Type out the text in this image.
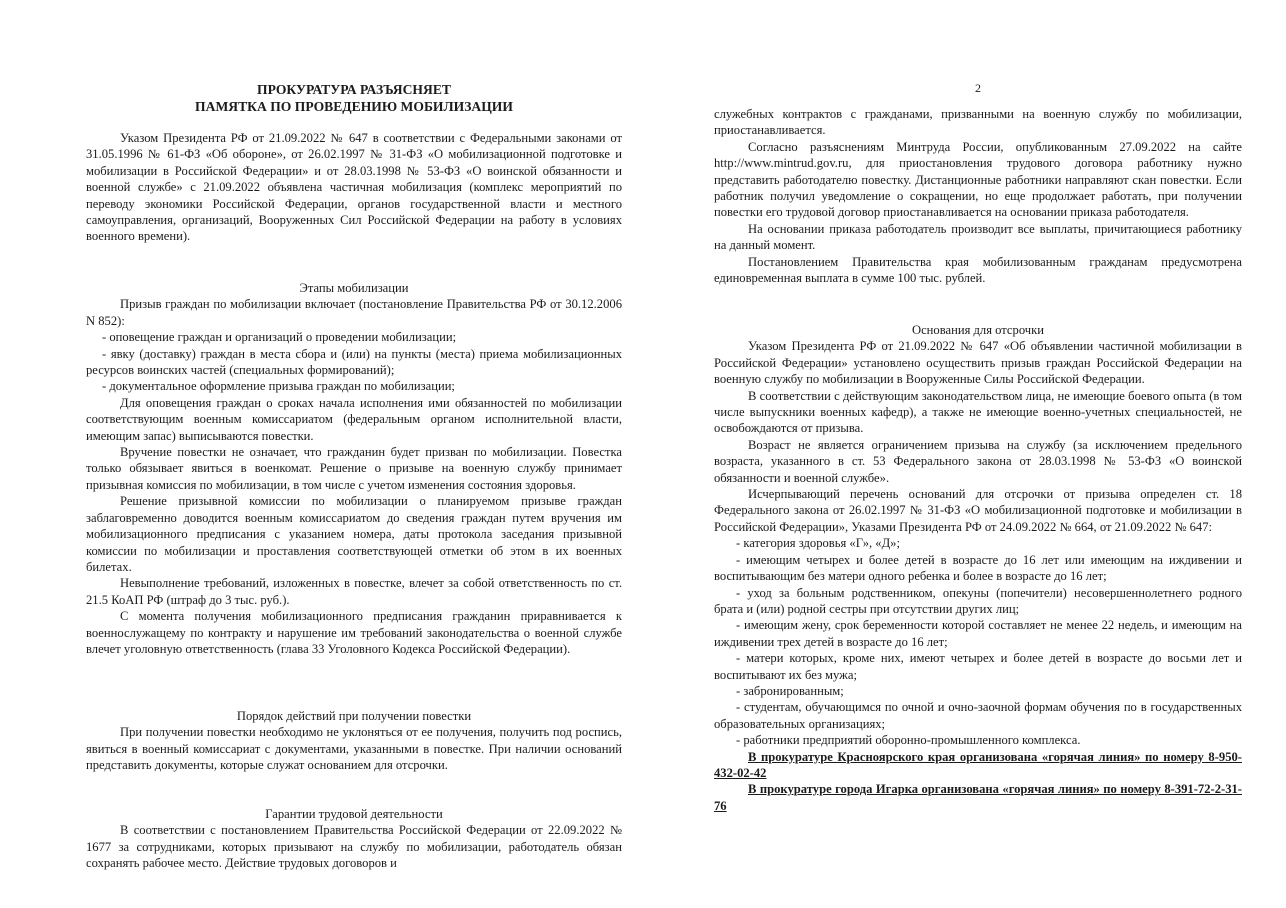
ПРОКУРАТУРА РАЗЪЯСНЯЕТ
ПАМЯТКА ПО ПРОВЕДЕНИЮ МОБИЛИЗАЦИИ

Указом Президента РФ от 21.09.2022 № 647 в соответствии с Федеральными законами от 31.05.1996 № 61-ФЗ «Об обороне», от 26.02.1997 № 31-ФЗ «О мобилизационной подготовке и мобилизации в Российской Федерации» и от 28.03.1998 № 53-ФЗ «О воинской обязанности и военной службе» с 21.09.2022 объявлена частичная мобилизация (комплекс мероприятий по переводу экономики Российской Федерации, органов государственной власти и местного самоуправления, организаций, Вооруженных Сил Российской Федерации на работу в условиях военного времени).

Этапы мобилизации

Призыв граждан по мобилизации включает (постановление Правительства РФ от 30.12.2006 N 852):

- оповещение граждан и организаций о проведении мобилизации;

- явку (доставку) граждан в места сбора и (или) на пункты (места) приема мобилизационных ресурсов воинских частей (специальных формирований);

- документальное оформление призыва граждан по мобилизации;

Для оповещения граждан о сроках начала исполнения ими обязанностей по мобилизации соответствующим военным комиссариатом (федеральным органом исполнительной власти, имеющим запас) выписываются повестки.

Вручение повестки не означает, что гражданин будет призван по мобилизации. Повестка только обязывает явиться в военкомат. Решение о призыве на военную службу принимает призывная комиссия по мобилизации, в том числе с учетом изменения состояния здоровья.

Решение призывной комиссии по мобилизации о планируемом призыве граждан заблаговременно доводится военным комиссариатом до сведения граждан путем вручения им мобилизационного предписания с указанием номера, даты протокола заседания призывной комиссии по мобилизации и проставления соответствующей отметки об этом в их военных билетах.

Невыполнение требований, изложенных в повестке, влечет за собой ответственность по ст. 21.5 КоАП РФ (штраф до 3 тыс. руб.).

С момента получения мобилизационного предписания гражданин приравнивается к военнослужащему по контракту и нарушение им требований законодательства о военной службе влечет уголовную ответственность (глава 33 Уголовного Кодекса Российской Федерации).

Порядок действий при получении повестки

При получении повестки необходимо не уклоняться от ее получения, получить под роспись, явиться в военный комиссариат с документами, указанными в повестке. При наличии оснований представить документы, которые служат основанием для отсрочки.

Гарантии трудовой деятельности

В соответствии с постановлением Правительства Российской Федерации от 22.09.2022 № 1677 за сотрудниками, которых призывают на службу по мобилизации, работодатель обязан сохранять рабочее место. Действие трудовых договоров и

2

служебных контрактов с гражданами, призванными на военную службу по мобилизации, приостанавливается.

Согласно разъяснениям Минтруда России, опубликованным 27.09.2022 на сайте http://www.mintrud.gov.ru, для приостановления трудового договора работнику нужно представить работодателю повестку. Дистанционные работники направляют скан повестки. Если работник получил уведомление о сокращении, но еще продолжает работать, при получении повестки его трудовой договор приостанавливается на основании приказа работодателя.

На основании приказа работодатель производит все выплаты, причитающиеся работнику на данный момент.

Постановлением Правительства края мобилизованным гражданам предусмотрена единовременная выплата в сумме 100 тыс. рублей.

Основания для отсрочки

Указом Президента РФ от 21.09.2022 № 647 «Об объявлении частичной мобилизации в Российской Федерации» установлено осуществить призыв граждан Российской Федерации на военную службу по мобилизации в Вооруженные Силы Российской Федерации.

В соответствии с действующим законодательством лица, не имеющие боевого опыта (в том числе выпускники военных кафедр), а также не имеющие военно-учетных специальностей, не освобождаются от призыва.

Возраст не является ограничением призыва на службу (за исключением предельного возраста, указанного в ст. 53 Федерального закона от 28.03.1998 № 53-ФЗ «О воинской обязанности и военной службе».

Исчерпывающий перечень оснований для отсрочки от призыва определен ст. 18 Федерального закона от 26.02.1997 № 31-ФЗ «О мобилизационной подготовке и мобилизации в Российской Федерации», Указами Президента РФ от 24.09.2022 № 664, от 21.09.2022 № 647:

- категория здоровья «Г», «Д»;

- имеющим четырех и более детей в возрасте до 16 лет или имеющим на иждивении и воспитывающим без матери одного ребенка и более в возрасте до 16 лет;

- уход за больным родственником, опекуны (попечители) несовершеннолетнего родного брата и (или) родной сестры при отсутствии других лиц;

- имеющим жену, срок беременности которой составляет не менее 22 недель, и имеющим на иждивении трех детей в возрасте до 16 лет;

- матери которых, кроме них, имеют четырех и более детей в возрасте до восьми лет и воспитывают их без мужа;

- забронированным;

- студентам, обучающимся по очной и очно-заочной формам обучения по в государственных образовательных организациях;

- работники предприятий оборонно-промышленного комплекса.

В прокуратуре Красноярского края организована «горячая линия» по номеру 8-950-432-02-42

В прокуратуре города Игарка организована «горячая линия» по номеру 8-391-72-2-31-76
